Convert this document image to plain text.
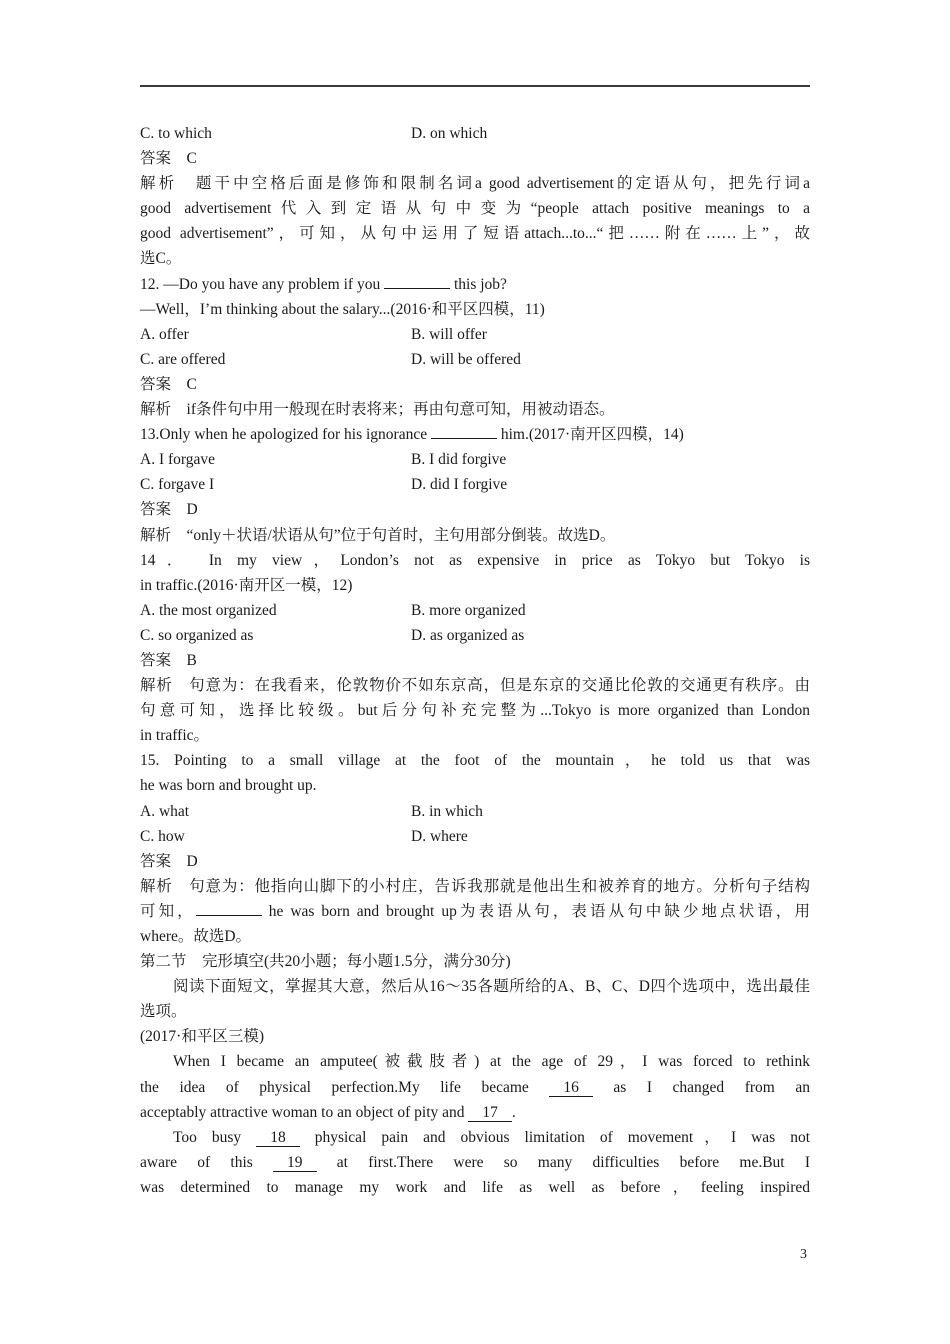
C. to which	D. on which
答案　 C
解析　 题干中空格后面是修饰和限制名词a good advertisement的定语从句，把先行词a
good advertisement代入到定语从句中变为“people attach positive meanings to a
good advertisement”，可知，从句中运用了短语attach...to...“把……附在……上”，故
选C。
12. —Do you have any problem if you	this job?
—Well，I’m thinking about the salary...(2016·和平区四模，11)
A. offer	B. will offer
C. are offered	D. will be offered
答案　 C
解析　 if条件句中用一般现在时表将来；再由句意可知，用被动语态。
13.Only when he apologized for his ignorance	him.(2017·南开区四模，14)
A. I forgave	B. I did forgive
C. forgave I	D. did I forgive
答案　 D
解析　 “only＋状语/状语从句”位于句首时，主句用部分倒装。故选D。
14． In my view，London’s not as expensive in price as Tokyo but Tokyo is
in traffic.(2016·南开区一模，12)
A. the most organized	B. more organized
C. so organized as	D. as organized as
答案　 B
解析　 句意为：在我看来，伦敦物价不如东京高，但是东京的交通比伦敦的交通更有秩序。由
句意可知，选择比较级。but后分句补充完整为...Tokyo is more organized than London
in traffic。
15. Pointing to a small village at the foot of the mountain，he told us that was
he was born and brought up.
A. what	B. in which
C. how	D. where
答案　 D
解析　 句意为：他指向山脚下的小村庄，告诉我那就是他出生和被养育的地方。分析句子结构
可知，	he was born and brought up为表语从句，表语从句中缺少地点状语，用
where。故选D。
第二节　完形填空(共20小题；每小题1.5分，满分30分)
阅读下面短文，掌握其大意，然后从16～35各题所给的A、B、C、D四个选项中，选出最佳
选项。
(2017·和平区三模)
When I became an amputee(被截肢者) at the age of 29，I was forced to rethink
the idea of physical perfection.My life became 16 as I changed from an
acceptably attractive woman to an object of pity and 17 .
Too busy 18 physical pain and obvious limitation of movement，I was not
aware of this 19 at first.There were so many difficulties before me.But I
was determined to manage my work and life as well as before，feeling inspired
3
